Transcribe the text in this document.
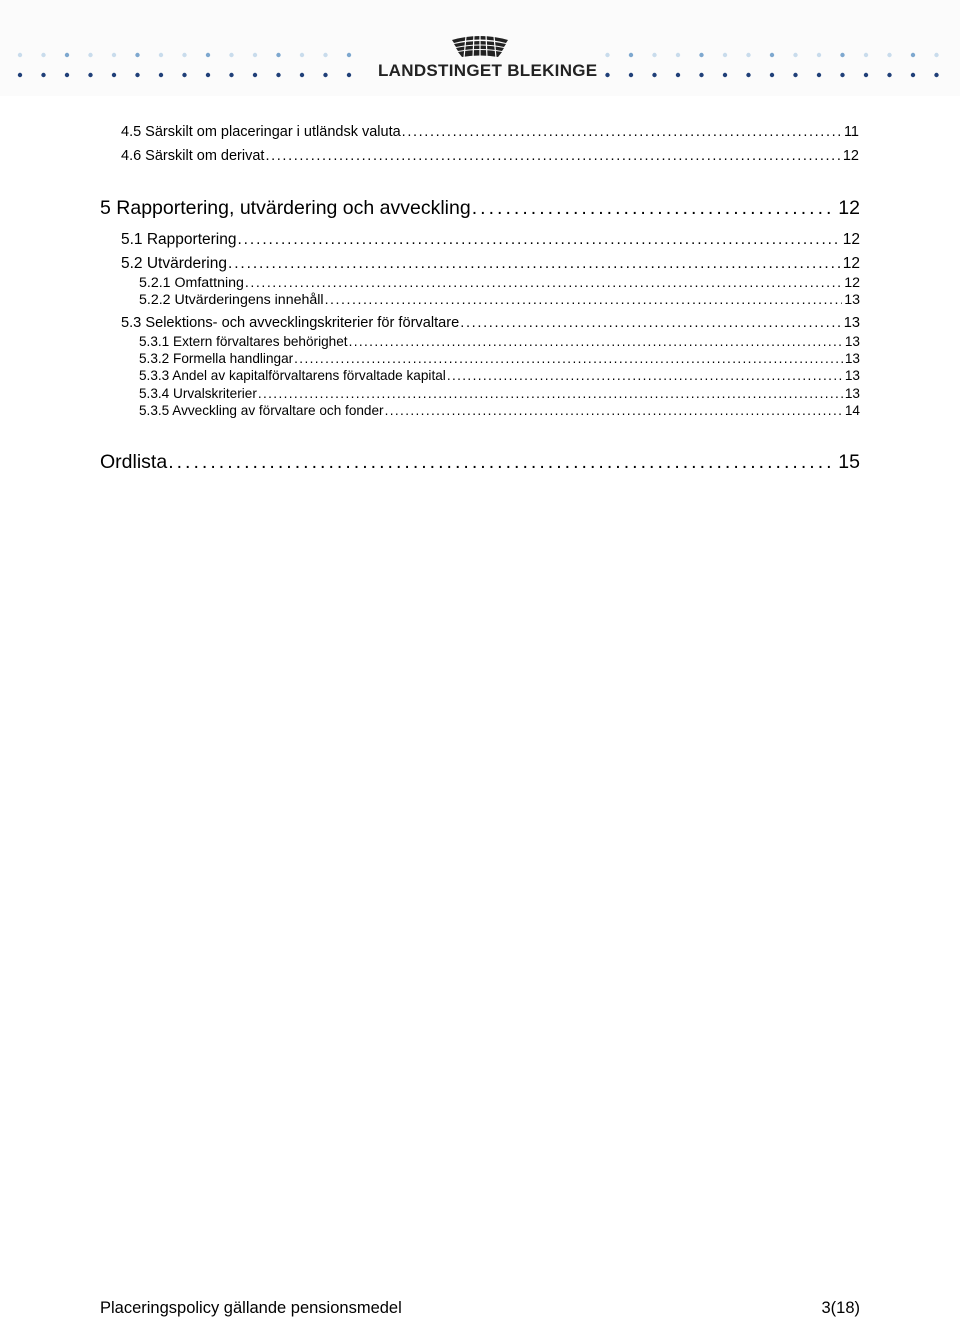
LANDSTINGET BLEKINGE
4.5 Särskilt om placeringar i utländsk valuta . . .	11
4.6 Särskilt om derivat . . .	12
5 Rapportering, utvärdering och avveckling . . .	12
5.1 Rapportering . . .	12
5.2 Utvärdering . . .	12
5.2.1 Omfattning . . .	12
5.2.2 Utvärderingens innehåll . . .	13
5.3 Selektions- och avvecklingskriterier för förvaltare . . .	13
5.3.1 Extern förvaltares behörighet . . .	13
5.3.2 Formella handlingar . . .	13
5.3.3 Andel av kapitalförvaltarens förvaltade kapital . . .	13
5.3.4 Urvalskriterier . . .	13
5.3.5 Avveckling av förvaltare och fonder . . .	14
Ordlista . . .	15
Placeringspolicy gällande pensionsmedel	3(18)
